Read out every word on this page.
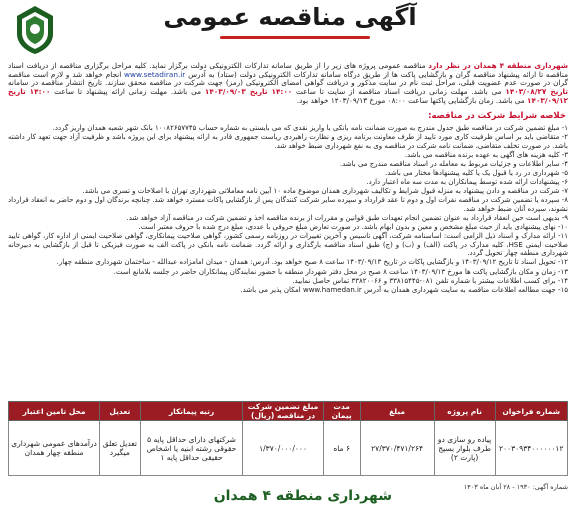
آگهی مناقصه عمومی
شهرداری منطقه ۴ همدان در نظر دارد مناقصه عمومی پروژه های زیر را از طریق سامانه تدارکات الکترونیکی دولت برگزار نماید. کلیه مراحل برگزاری مناقصه از دریافت اسناد مناقصه تا ارائه پیشنهاد مناقصه گران و بازگشایی پاکت ها از طریق درگاه سامانه تدارکات الکترونیکی دولت (ستاد) به آدرس www.setadiran.ir انجام خواهد شد و لازم است مناقصه گران در صورت عدم عضویت قبلی، مراحل ثبت نام در سایت مذکور و دریافت گواهی امضای الکترونیکی (رمز) جهت شرکت در مناقصه محقق سازند. تاریخ انتشار مناقصه در سامانه تاریخ ۱۴۰۳/۰۸/۲۷ می باشد. مهلت زمانی دریافت اسناد مناقصه از سایت تا ساعت ۱۴:۰۰ تاریخ ۱۴۰۳/۰۹/۰۳ می باشد. مهلت زمانی ارائه پیشنهاد تا ساعت ۱۴:۰۰ تاریخ ۱۴۰۳/۰۹/۱۲ می باشد. زمان بازگشایی پاکتها ساعت ۰۸:۰۰ مورخ ۱۴۰۳/۰۹/۱۳ خواهد بود.
خلاصه شرایط شرکت در مناقصه:
۱- مبلغ تضمین شرکت در مناقصه طبق جدول مندرج به صورت ضمانت نامه بانکی یا واریز نقدی که می بایستی به شماره حساب ۱۰۰۸۲۶۵۷۷۴۵ بانک شهر شعبه همدان واریز گردد.
۲- متقاضی باید بر اساس ظرفیت کاری مورد تایید از طرف معاونت برنامه ریزی و نظارت راهبردی ریاست جمهوری قادر به ارائه پیشنهاد برای این پروژه باشد و ظرفیت آزاد جهت تعهد کار داشته باشد. در صورت تخلف متقاضی، ضمانت نامه شرکت در مناقصه وی به نفع شهرداری ضبط خواهد شد.
۳- کلیه هزینه های آگهی به عهده برنده مناقصه می باشد.
۴- سایر اطلاعات و جزئیات مربوط به معامله در اسناد مناقصه مندرج می باشد.
۵- شهرداری در رد یا قبول یک یا کلیه پیشنهادها مختار می باشد.
۶- پیشنهادات ارائه شده توسط پیمانکاران به مدت سه ماه اعتبار دارد.
۷- شرکت در مناقصه و دادن پیشنهاد به منزله قبول شرایط و تکالیف شهرداری همدان موضوع ماده ۱۰ آیین نامه معاملاتی شهرداری تهران با اصلاحات و تسری می باشد.
۸- سپرده یا تضمین شرکت در مناقصه نفرات اول و دوم تا عقد قرارداد و سپرده سایر شرکت کنندگان پس از بازگشایی پاکات مسترد خواهد شد. چنانچه برندگان اول و دوم حاضر به انعقاد قرارداد نشوند، سپرده آنان ضبط خواهد شد.
۹- بدیهی است حین انعقاد قرارداد به عنوان تضمین انجام تعهدات طبق قوانین و مقررات از برنده مناقصه اخذ و تضمین شرکت در مناقصه آزاد خواهد شد.
۱۰- نهای پیشنهادی باید از حیث مبلغ مشخص و معین و بدون ابهام باشد. در صورت تعارض مبلغ حروفی با عددی، مبلغ درج شده با حروف معتبر است.
۱۱- ارائه مدارک و اسناد ذیل الزامی است: اساسنامه شرکت، آگهی تاسیس و آخرین تغییرات در روزنامه رسمی کشور، گواهی صلاحیت پیمانکاری، گواهی صلاحیت ایمنی از اداره کار، گواهی تایید صلاحیت ایمنی HSE، کلیه مدارک در پاکت (الف) و (ب) و (ج) طبق اسناد مناقصه بارگذاری و ارائه گردد. ضمانت نامه بانکی در پاکت الف به صورت فیزیکی تا قبل از بازگشایی به دبیرخانه شهرداری منطقه چهار تحویل گردد.
۱۲- تحویل اسناد تا تاریخ ۱۴۰۳/۰۹/۱۲ و بازگشایی پاکات در تاریخ ۱۴۰۳/۰۹/۱۳ ساعت ۸ صبح خواهد بود. آدرس: همدان - میدان امامزاده عبدالله - ساختمان شهرداری منطقه چهار.
۱۳- زمان و مکان بازگشایی پاکت ها مورخ ۱۴۰۳/۰۹/۱۳ ساعت ۸ صبح در محل دفتر شهردار منطقه با حضور نمایندگان پیمانکاران حاضر در جلسه بلامانع است.
۱۴- برای کسب اطلاعات بیشتر با شماره تلفن ۰۸۱-۳۳۸۱۵۴۴۵ و ۳۳۸۲۰۰۶۶ تماس حاصل نمایید.
۱۵- جهت مطالعه اطلاعات مناقصه به سایت شهرداری همدان به آدرس www.hamedan.ir امکان پذیر می باشد.
شماره فراخوان	نام پروژه	مبلغ	مدت پیمان	مبلغ تضمین شرکت در مناقصه (ریال)	رتبه پیمانکار	تعدیل	محل تامین اعتبار
۲۰۰۳۰۹۳۴۰۰۰۰۰۰۱۲	پیاده رو سازی دو طرف بلوار بسیج (پارت ۲)	۲۷/۳۷۰/۴۷۱/۲۶۴	۶ ماه	۱/۳۷۰/۰۰۰/۰۰۰	شرکتهای دارای حداقل پایه ۵ حقوقی رشته ابنیه یا اشخاص حقیقی حداقل پایه ۱	تعدیل تعلق میگیرد	درآمدهای عمومی شهرداری منطقه چهار همدان
شماره آگهی: ۱۹۳۰ - ۲۸ آبان ماه ۱۴۰۳
شهرداری منطقه ۴ همدان
